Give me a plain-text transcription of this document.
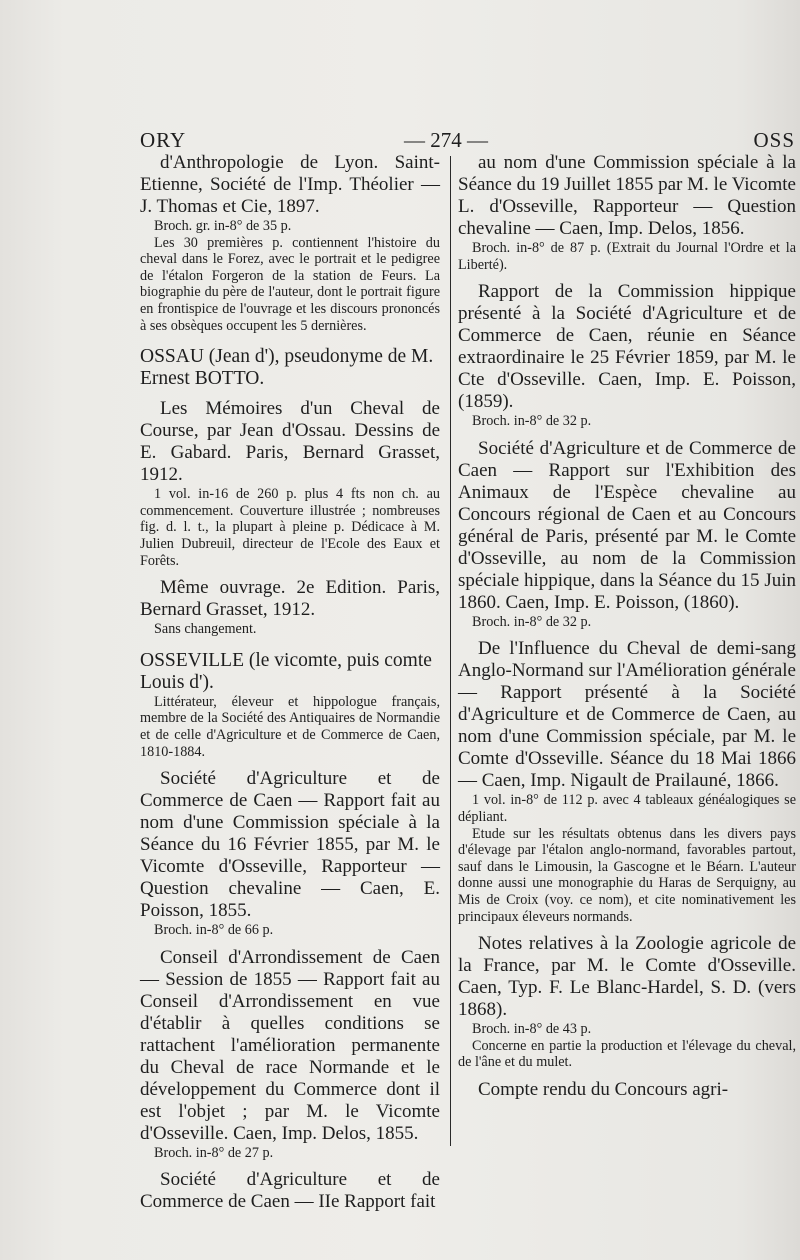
ORY	— 274 —	OSS

d'Anthropologie de Lyon. Saint-Etienne, Société de l'Imp. Théolier — J. Thomas et Cie, 1897.

Broch. gr. in-8° de 35 p.

Les 30 premières p. contiennent l'histoire du cheval dans le Forez, avec le portrait et le pedigree de l'étalon Forgeron de la station de Feurs. La biographie du père de l'auteur, dont le portrait figure en frontispice de l'ouvrage et les discours prononcés à ses obsèques occupent les 5 dernières.

OSSAU (Jean d'), pseudonyme de M. Ernest BOTTO.

Les Mémoires d'un Cheval de Course, par Jean d'Ossau. Dessins de E. Gabard. Paris, Bernard Grasset, 1912.

1 vol. in-16 de 260 p. plus 4 fts non ch. au commencement. Couverture illustrée ; nombreuses fig. d. l. t., la plupart à pleine p. Dédicace à M. Julien Dubreuil, directeur de l'Ecole des Eaux et Forêts.

Même ouvrage. 2e Edition. Paris, Bernard Grasset, 1912.

Sans changement.

OSSEVILLE (le vicomte, puis comte Louis d').

Littérateur, éleveur et hippologue français, membre de la Société des Antiquaires de Normandie et de celle d'Agriculture et de Commerce de Caen, 1810-1884.

Société d'Agriculture et de Commerce de Caen — Rapport fait au nom d'une Commission spéciale à la Séance du 16 Février 1855, par M. le Vicomte d'Osseville, Rapporteur — Question chevaline — Caen, E. Poisson, 1855.

Broch. in-8° de 66 p.

Conseil d'Arrondissement de Caen — Session de 1855 — Rapport fait au Conseil d'Arrondissement en vue d'établir à quelles conditions se rattachent l'amélioration permanente du Cheval de race Normande et le développement du Commerce dont il est l'objet ; par M. le Vicomte d'Osseville. Caen, Imp. Delos, 1855.

Broch. in-8° de 27 p.

Société d'Agriculture et de Commerce de Caen — IIe Rapport fait

au nom d'une Commission spéciale à la Séance du 19 Juillet 1855 par M. le Vicomte L. d'Osseville, Rapporteur — Question chevaline — Caen, Imp. Delos, 1856.

Broch. in-8° de 87 p. (Extrait du Journal l'Ordre et la Liberté).

Rapport de la Commission hippique présenté à la Société d'Agriculture et de Commerce de Caen, réunie en Séance extraordinaire le 25 Février 1859, par M. le Cte d'Osseville. Caen, Imp. E. Poisson, (1859).

Broch. in-8° de 32 p.

Société d'Agriculture et de Commerce de Caen — Rapport sur l'Exhibition des Animaux de l'Espèce chevaline au Concours régional de Caen et au Concours général de Paris, présenté par M. le Comte d'Osseville, au nom de la Commission spéciale hippique, dans la Séance du 15 Juin 1860. Caen, Imp. E. Poisson, (1860).

Broch. in-8° de 32 p.

De l'Influence du Cheval de demi-sang Anglo-Normand sur l'Amélioration générale — Rapport présenté à la Société d'Agriculture et de Commerce de Caen, au nom d'une Commission spéciale, par M. le Comte d'Osseville. Séance du 18 Mai 1866 — Caen, Imp. Nigault de Prailauné, 1866.

1 vol. in-8° de 112 p. avec 4 tableaux généalogiques se dépliant.

Etude sur les résultats obtenus dans les divers pays d'élevage par l'étalon anglo-normand, favorables partout, sauf dans le Limousin, la Gascogne et le Béarn. L'auteur donne aussi une monographie du Haras de Serquigny, au Mis de Croix (voy. ce nom), et cite nominativement les principaux éleveurs normands.

Notes relatives à la Zoologie agricole de la France, par M. le Comte d'Osseville. Caen, Typ. F. Le Blanc-Hardel, S. D. (vers 1868).

Broch. in-8° de 43 p.

Concerne en partie la production et l'élevage du cheval, de l'âne et du mulet.

Compte rendu du Concours agri-
